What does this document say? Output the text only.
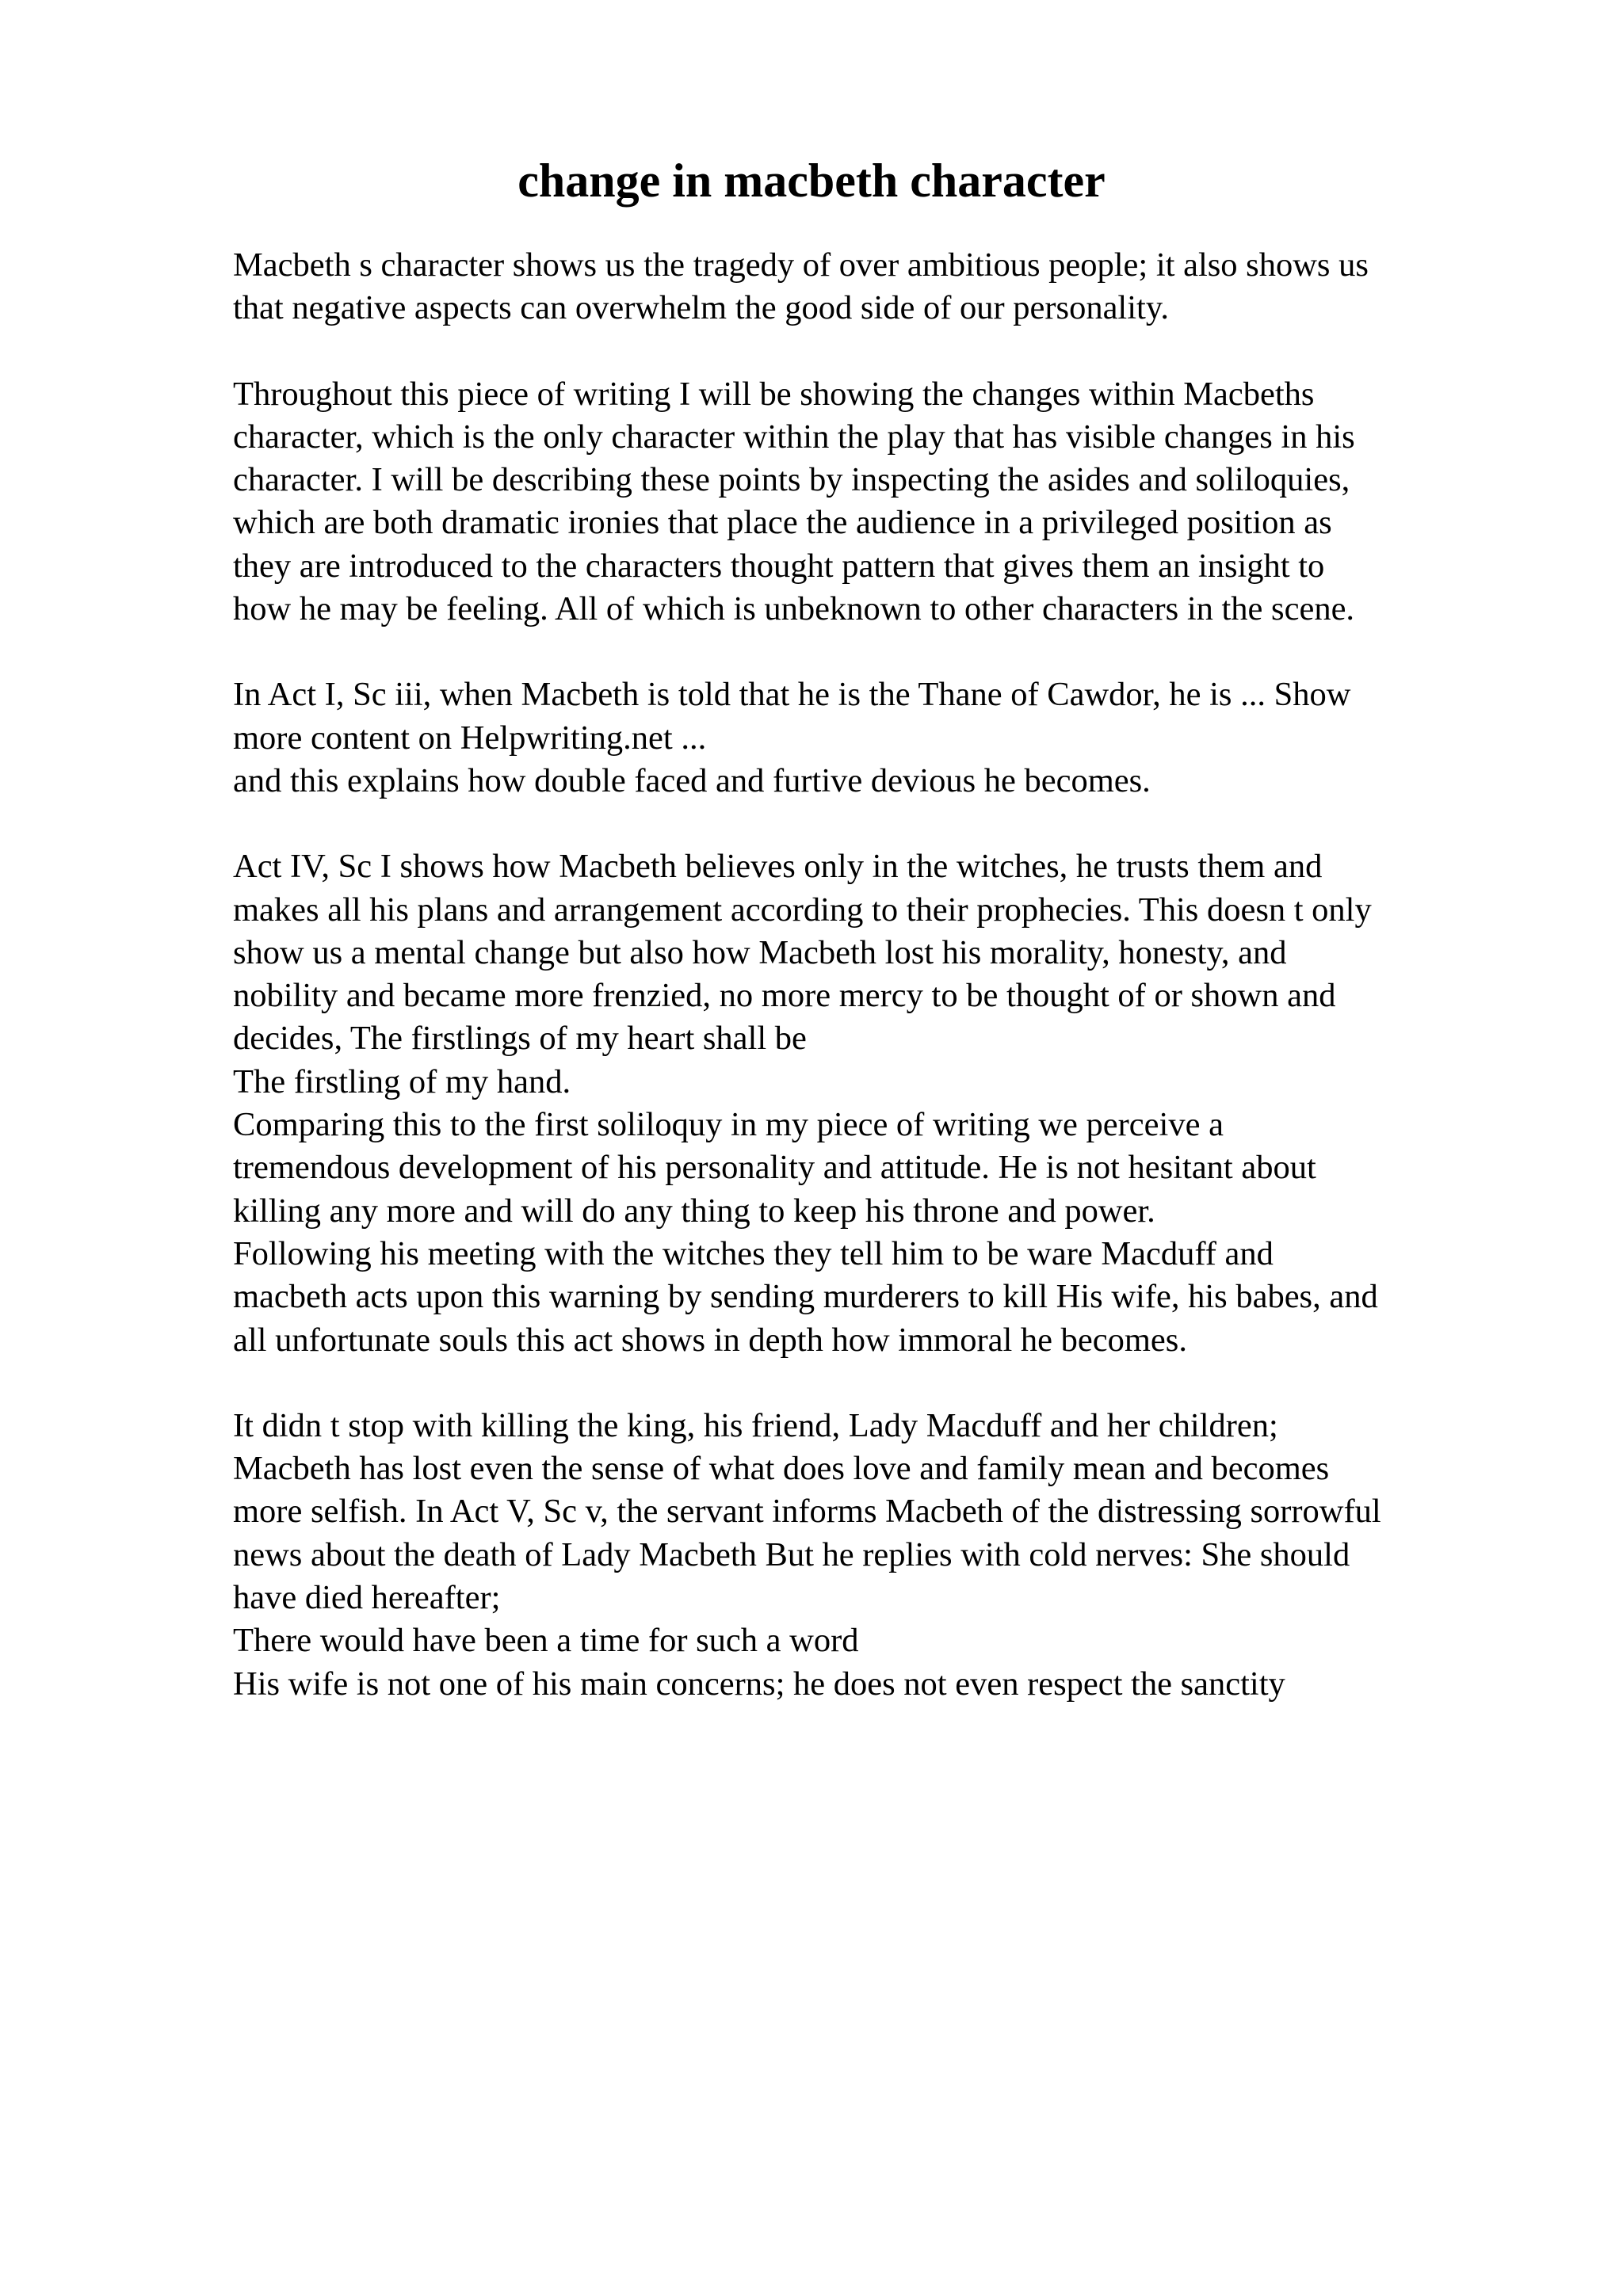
change in macbeth character
Macbeth s character shows us the tragedy of over ambitious people; it also shows us
that negative aspects can overwhelm the good side of our personality.
Throughout this piece of writing I will be showing the changes within Macbeths
character, which is the only character within the play that has visible changes in his
character. I will be describing these points by inspecting the asides and soliloquies,
which are both dramatic ironies that place the audience in a privileged position as
they are introduced to the characters thought pattern that gives them an insight to
how he may be feeling. All of which is unbeknown to other characters in the scene.
In Act I, Sc iii, when Macbeth is told that he is the Thane of Cawdor, he is ... Show
more content on Helpwriting.net ...
and this explains how double faced and furtive devious he becomes.
Act IV, Sc I shows how Macbeth believes only in the witches, he trusts them and
makes all his plans and arrangement according to their prophecies. This doesn t only
show us a mental change but also how Macbeth lost his morality, honesty, and
nobility and became more frenzied, no more mercy to be thought of or shown and
decides, The firstlings of my heart shall be
The firstling of my hand.
Comparing this to the first soliloquy in my piece of writing we perceive a
tremendous development of his personality and attitude. He is not hesitant about
killing any more and will do any thing to keep his throne and power.
Following his meeting with the witches they tell him to be ware Macduff and
macbeth acts upon this warning by sending murderers to kill His wife, his babes, and
all unfortunate souls this act shows in depth how immoral he becomes.
It didn t stop with killing the king, his friend, Lady Macduff and her children;
Macbeth has lost even the sense of what does love and family mean and becomes
more selfish. In Act V, Sc v, the servant informs Macbeth of the distressing sorrowful
news about the death of Lady Macbeth But he replies with cold nerves: She should
have died hereafter;
There would have been a time for such a word
His wife is not one of his main concerns; he does not even respect the sanctity
